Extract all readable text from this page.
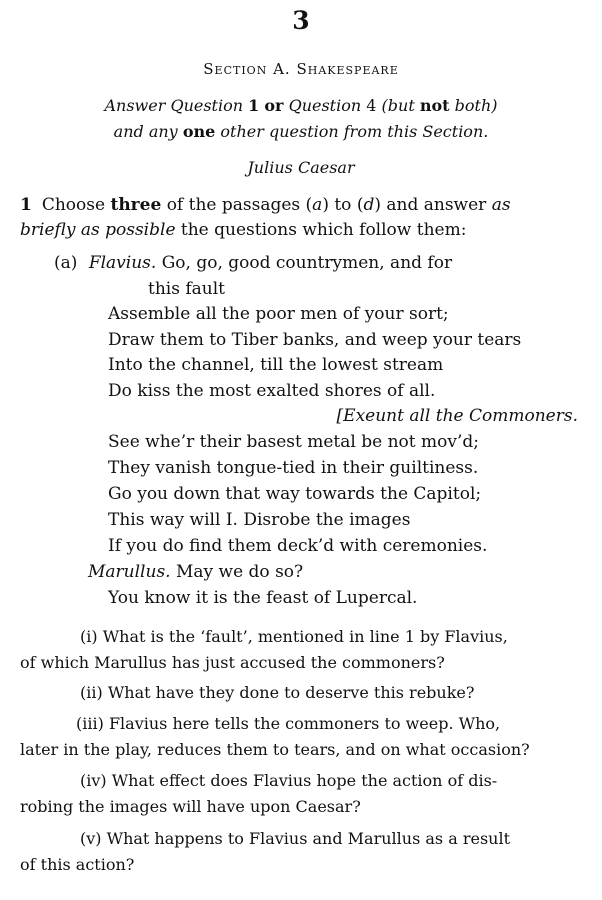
3
Section A. Shakespeare
Answer Question 1 or Question 4 (but not both)
and any one other question from this Section.
Julius Caesar
1 Choose three of the passages (a) to (d) and answer as
briefly as possible the questions which follow them:
(a) Flavius. Go, go, good countrymen, and for
this fault
Assemble all the poor men of your sort;
Draw them to Tiber banks, and weep your tears
Into the channel, till the lowest stream
Do kiss the most exalted shores of all.
[Exeunt all the Commoners.
See whe’r their basest metal be not mov’d;
They vanish tongue-tied in their guiltiness.
Go you down that way towards the Capitol;
This way will I. Disrobe the images
If you do find them deck’d with ceremonies.
Marullus. May we do so?
You know it is the feast of Lupercal.
(i) What is the ‘fault’, mentioned in line 1 by Flavius,
of which Marullus has just accused the commoners?
(ii) What have they done to deserve this rebuke?
(iii) Flavius here tells the commoners to weep. Who,
later in the play, reduces them to tears, and on what occasion?
(iv) What effect does Flavius hope the action of dis-
robing the images will have upon Caesar?
(v) What happens to Flavius and Marullus as a result
of this action?
